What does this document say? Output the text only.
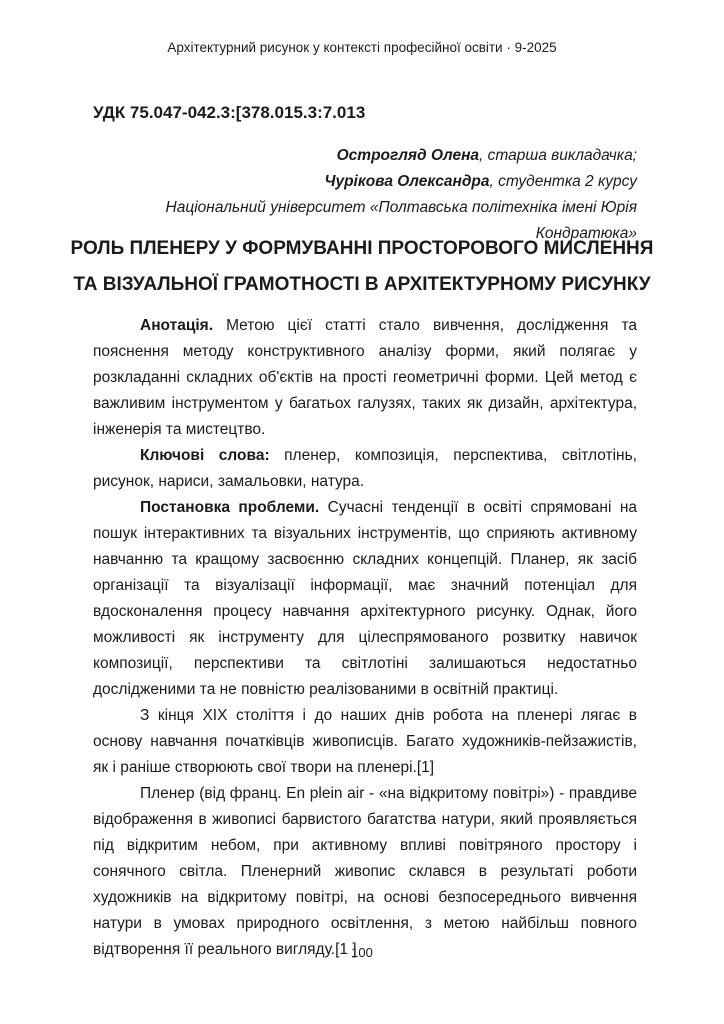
Архітектурний рисунок у контексті професійної освіти · 9-2025
УДК 75.047-042.3:[378.015.3:7.013
Острогляд Олена, старша викладачка;
Чурікова Олександра, студентка 2 курсу
Національний університет «Полтавська політехніка імені Юрія Кондратюка»
РОЛЬ ПЛЕНЕРУ У ФОРМУВАННІ ПРОСТОРОВОГО МИСЛЕННЯ
ТА ВІЗУАЛЬНОЇ ГРАМОТНОСТІ В АРХІТЕКТУРНОМУ РИСУНКУ

Анотація. Метою цієї статті стало вивчення, дослідження та пояснення методу конструктивного аналізу форми, який полягає у розкладанні складних об'єктів на прості геометричні форми. Цей метод є важливим інструментом у багатьох галузях, таких як дизайн, архітектура, інженерія та мистецтво.

Ключові слова: пленер, композиція, перспектива, світлотінь, рисунок, нариси, замальовки, натура.

Постановка проблеми. Сучасні тенденції в освіті спрямовані на пошук інтерактивних та візуальних інструментів, що сприяють активному навчанню та кращому засвоєнню складних концепцій. Планер, як засіб організації та візуалізації інформації, має значний потенціал для вдосконалення процесу навчання архітектурного рисунку. Однак, його можливості як інструменту для цілеспрямованого розвитку навичок композиції, перспективи та світлотіні залишаються недостатньо дослідженими та не повністю реалізованими в освітній практиці.

З кінця XIX століття і до наших днів робота на пленері лягає в основу навчання початківців живописців. Багато художників-пейзажистів, як і раніше створюють свої твори на пленері.[1]

Пленер (від франц. En plein air - «на відкритому повітрі») - правдиве відображення в живописі барвистого багатства натури, який проявляється під відкритим небом, при активному впливі повітряного простору і сонячного світла. Пленерний живопис склався в результаті роботи художників на відкритому повітрі, на основі безпосереднього вивчення натури в умовах природного освітлення, з метою найбільш повного відтворення її реального вигляду.[1 ]

100
